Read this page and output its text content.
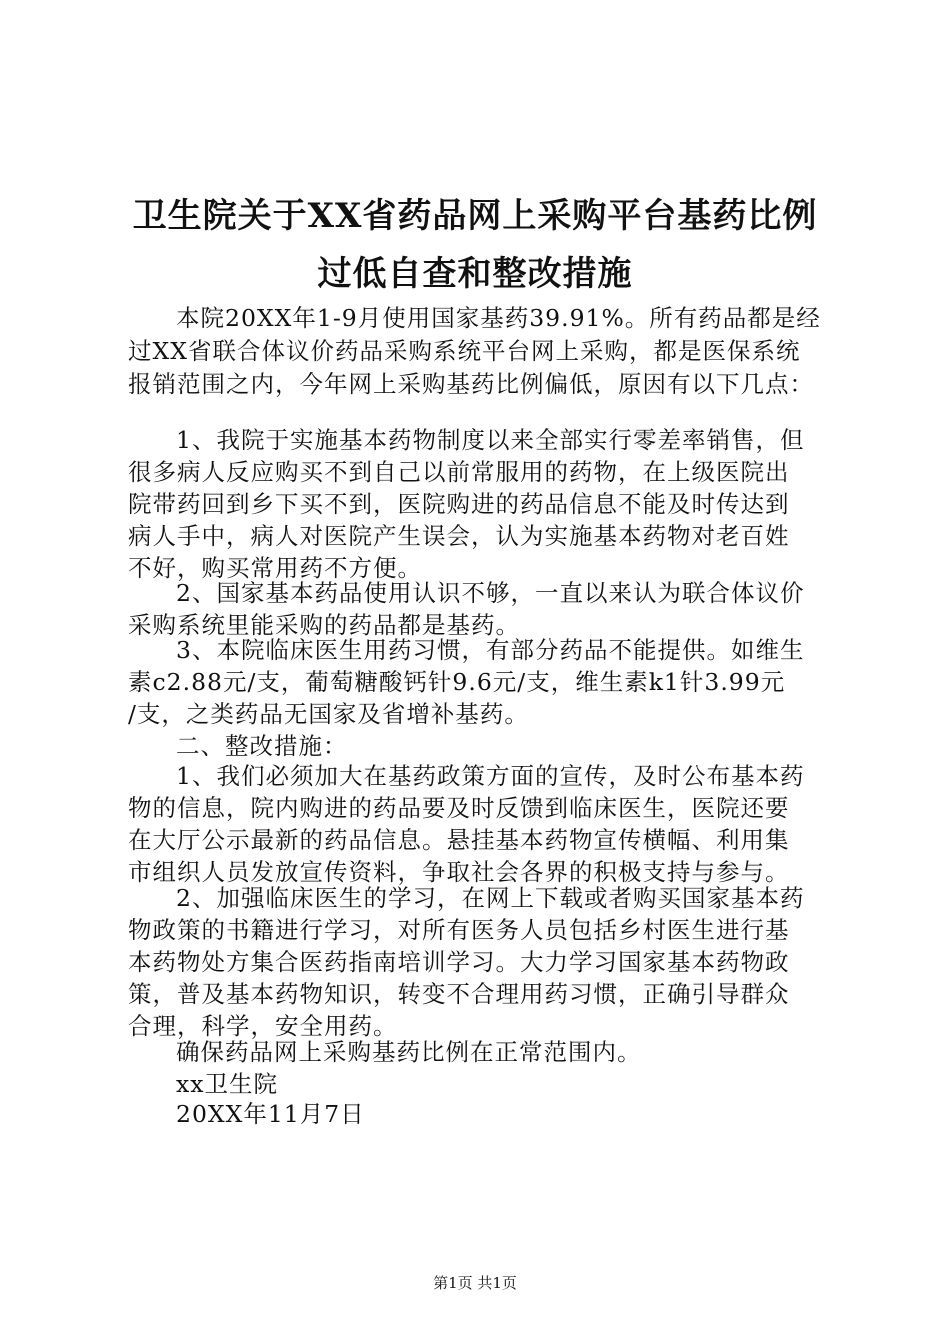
卫生院关于XX省药品网上采购平台基药比例
过低自查和整改措施
本院20XX年1-9月使用国家基药39.91%。所有药品都是经
过XX省联合体议价药品采购系统平台网上采购，都是医保系统
报销范围之内，今年网上采购基药比例偏低，原因有以下几点：
1、我院于实施基本药物制度以来全部实行零差率销售，但
很多病人反应购买不到自己以前常服用的药物，在上级医院出
院带药回到乡下买不到，医院购进的药品信息不能及时传达到
病人手中，病人对医院产生误会，认为实施基本药物对老百姓
不好，购买常用药不方便。
2、国家基本药品使用认识不够，一直以来认为联合体议价
采购系统里能采购的药品都是基药。
3、本院临床医生用药习惯，有部分药品不能提供。如维生
素c2.88元/支，葡萄糖酸钙针9.6元/支，维生素k1针3.99元
/支，之类药品无国家及省增补基药。
二、整改措施：
1、我们必须加大在基药政策方面的宣传，及时公布基本药
物的信息，院内购进的药品要及时反馈到临床医生，医院还要
在大厅公示最新的药品信息。悬挂基本药物宣传横幅、利用集
市组织人员发放宣传资料，争取社会各界的积极支持与参与。
2、加强临床医生的学习，在网上下载或者购买国家基本药
物政策的书籍进行学习，对所有医务人员包括乡村医生进行基
本药物处方集合医药指南培训学习。大力学习国家基本药物政
策，普及基本药物知识，转变不合理用药习惯，正确引导群众
合理，科学，安全用药。
确保药品网上采购基药比例在正常范围内。
xx卫生院
20XX年11月7日
第1页 共1页
